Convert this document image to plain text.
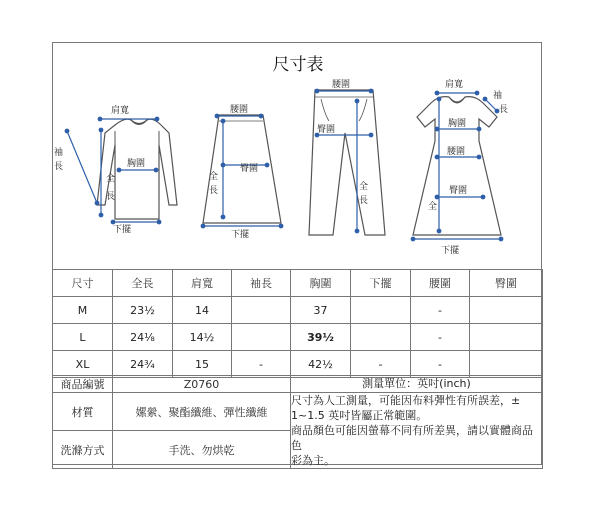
尺寸表
肩寬
袖
長	胸圍
全
長
下擺
腰圍
臀圍
全
長
下擺
腰圍
臀圍
全
長
肩寬
袖
長
胸圍
腰圍
臀圍
全
下擺
尺寸	全長	肩寬	袖長	胸圍	下擺	腰圍	臀圍
M	23½	14		37		-	
L	24⅛	14½		39½		-	
XL	24¾	15	-	42½	-	-	
商品編號	Z0760	測量單位：英吋(inch)

材質	嫘縈、聚酯纖維、彈性纖維	尺寸為人工測量，可能因布料彈性有所誤差，±
1~1.5 英吋皆屬正常範圍。
商品顏色可能因螢幕不同有所差異，請以實體商品色
彩為主。

洗滌方式	手洗、勿烘乾	
